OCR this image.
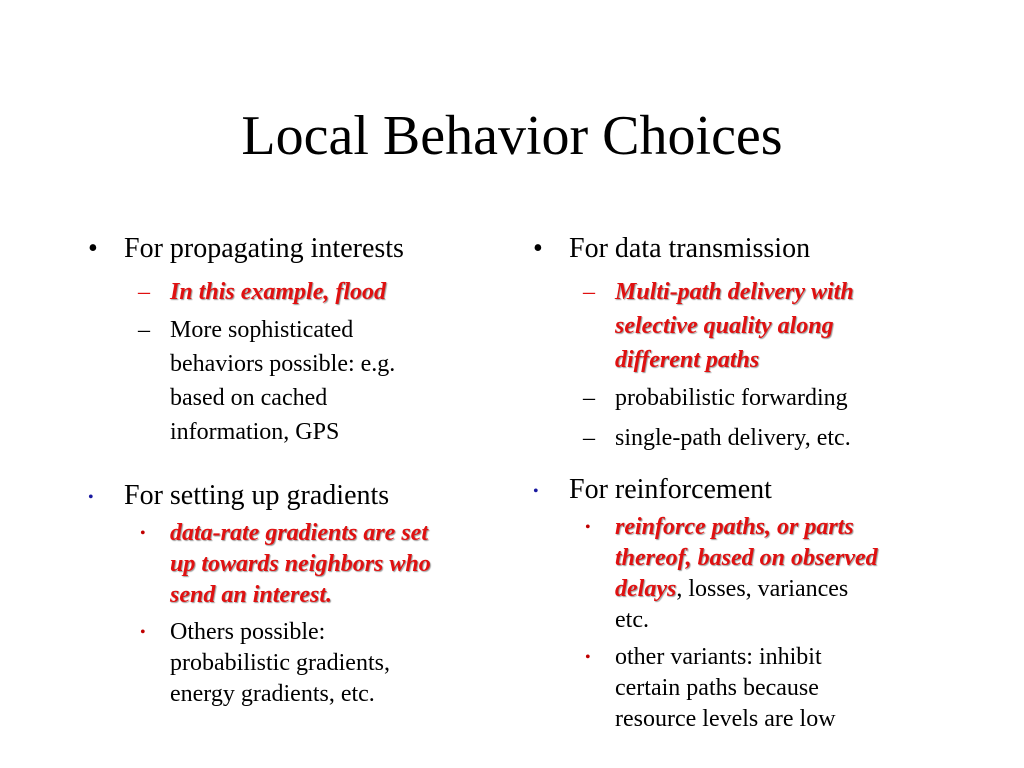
Local Behavior Choices
• For propagating interests
– In this example, flood
– More sophisticated
behaviors possible: e.g.
based on cached
information, GPS
• For setting up gradients
• data-rate gradients are set
up towards neighbors who
send an interest.
• Others possible:
probabilistic gradients,
energy gradients, etc.
• For data transmission
– Multi-path delivery with
selective quality along
different paths
– probabilistic forwarding
– single-path delivery, etc.
• For reinforcement
• reinforce paths, or parts
thereof, based on observed
delays, losses, variances
etc.
• other variants: inhibit
certain paths because
resource levels are low
